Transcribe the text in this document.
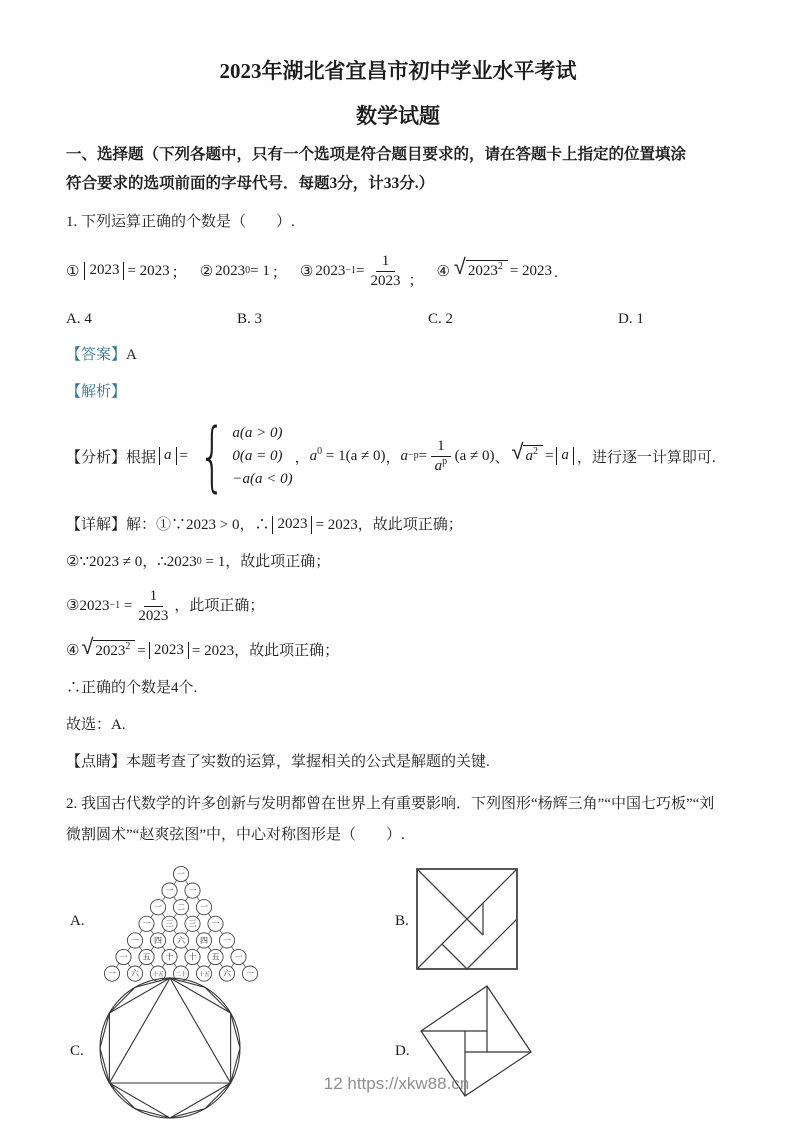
2023年湖北省宜昌市初中学业水平考试
数学试题

一、选择题（下列各题中，只有一个选项是符合题目要求的，请在答题卡上指定的位置填涂
符合要求的选项前面的字母代号．每题3分，计33分.）

1. 下列运算正确的个数是（　　）.

① 2023 = 2023 ； ② 2023 0 = 1 ； ③ $2023 -1 = \frac{1}{2023}$ ；
④ √ $2023^2 = 2023$ .
A. 4	B. 3	C. 2	D. 1

【答案】A

【解析】

【分析】 根据 a = { a(a > 0)
0(a = 0)
−a(a < 0)
， $a^0 = 1(a \ne 0)$ ， $a -p = \frac{1}{a^p} (a \ne 0)$ 、 √ $a^2 = a$ ，进行逐一计算即可.
【详解】 解：①∵2023 > 0，∴ 2023 = 2023，故此项正确；
②∵2023 ≠ 0，∴2023 0 = 1，故此项正确；
③2023 $-1 = \frac{1}{2023}$ ，此项正确；
④ √ $2023^2 = 2023 = 2023$，故此项正确；
∴正确的个数是4个.
故选：A.

【点睛】本题考查了实数的运算，掌握相关的公式是解题的关键.

2. 我国古代数学的许多创新与发明都曾在世界上有重要影响．下列图形“杨辉三角”“中国七巧板”“刘
微割圆术”“赵爽弦图”中，中心对称图形是（　　）.

A.
一
一 一
一 二 一
一 三 三 一
一 四 六 四 一
一 五 十 十 五 一
一 六 十五 二十 十五 六 一
B.
C.	D.
12 https://xkw88.cn
